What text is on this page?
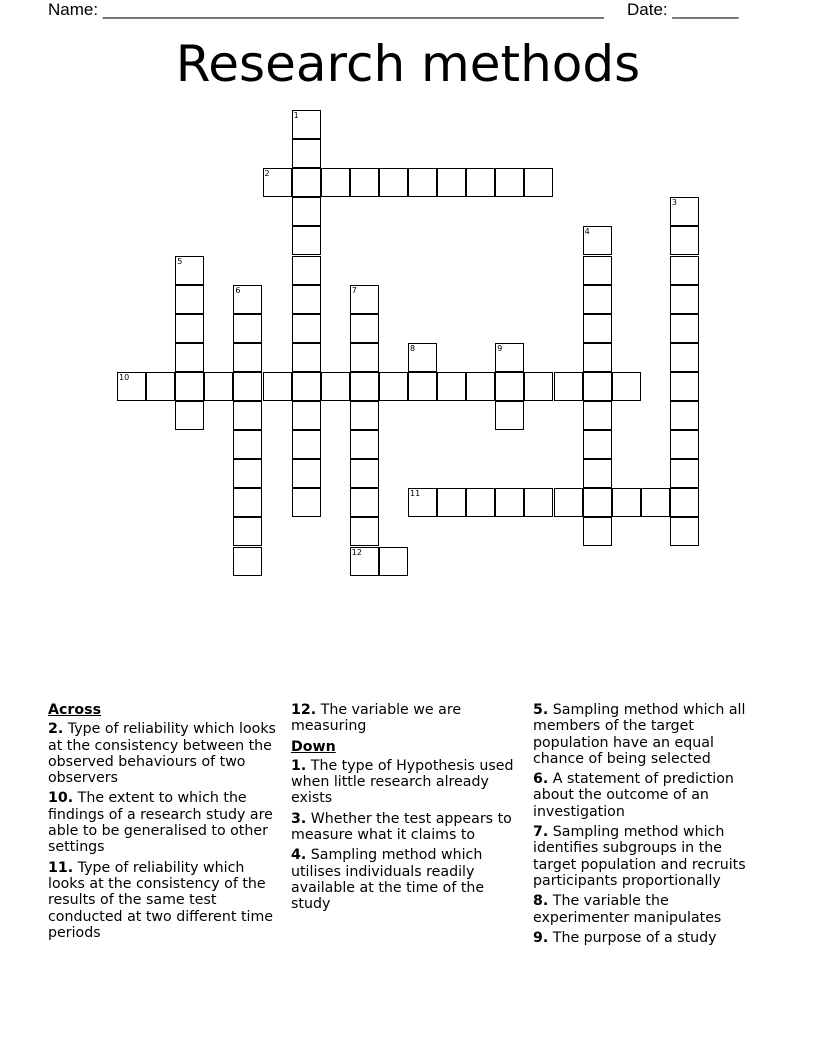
Name: _____________________________________________________ Date: _______
Research methods
1
2
3
4
5
6	7
8	9
10
11
12
Across
2. Type of reliability which looks at the consistency between the observed behaviours of two observers
10. The extent to which the findings of a research study are able to be generalised to other settings
11. Type of reliability which looks at the consistency of the results of the same test conducted at two different time periods
12. The variable we are measuring
Down
1. The type of Hypothesis used when little research already exists
3. Whether the test appears to measure what it claims to
4. Sampling method which utilises individuals readily available at the time of the study
5. Sampling method which all members of the target population have an equal chance of being selected
6. A statement of prediction about the outcome of an investigation
7. Sampling method which identifies subgroups in the target population and recruits participants proportionally
8. The variable the experimenter manipulates
9. The purpose of a study
